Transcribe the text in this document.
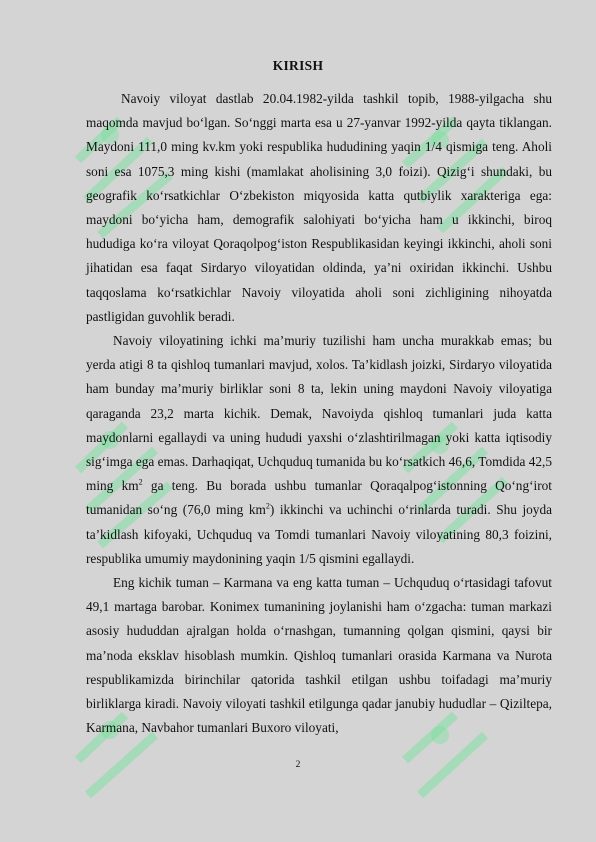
KIRISH

Navoiy viloyat dastlab 20.04.1982-yilda tashkil topib, 1988-yilgacha shu maqomda mavjud bo‘lgan. So‘nggi marta esa u 27-yanvar 1992-yilda qayta tiklangan. Maydoni 111,0 ming kv.km yoki respublika hududining yaqin 1/4 qismiga teng. Aholi soni esa 1075,3 ming kishi (mamlakat aholisining 3,0 foizi). Qizig‘i shundaki, bu geografik ko‘rsatkichlar O‘zbekiston miqyosida katta qutbiylik xarakteriga ega: maydoni bo‘yicha ham, demografik salohiyati bo‘yicha ham u ikkinchi, biroq hududiga ko‘ra viloyat Qoraqolpog‘iston Respublikasidan keyingi ikkinchi, aholi soni jihatidan esa faqat Sirdaryo viloyatidan oldinda, ya’ni oxiridan ikkinchi. Ushbu taqqoslama ko‘rsatkichlar Navoiy viloyatida aholi soni zichligining nihoyatda pastligidan guvohlik beradi.

Navoiy viloyatining ichki ma’muriy tuzilishi ham uncha murakkab emas; bu yerda atigi 8 ta qishloq tumanlari mavjud, xolos. Ta’kidlash joizki, Sirdaryo viloyatida ham bunday ma’muriy birliklar soni 8 ta, lekin uning maydoni Navoiy viloyatiga qaraganda 23,2 marta kichik. Demak, Navoiyda qishloq tumanlari juda katta maydonlarni egallaydi va uning hududi yaxshi o‘zlashtirilmagan yoki katta iqtisodiy sig‘imga ega emas. Darhaqiqat, Uchquduq tumanida bu ko‘rsatkich 46,6, Tomdida 42,5 ming $km^2$ ga teng. Bu borada ushbu tumanlar Qoraqalpog‘istonning Qo‘ng‘irot tumanidan so‘ng (76,0 ming $km^2$) ikkinchi va uchinchi o‘rinlarda turadi. Shu joyda ta’kidlash kifoyaki, Uchquduq va Tomdi tumanlari Navoiy viloyatining 80,3 foizini, respublika umumiy maydonining yaqin 1/5 qismini egallaydi.

Eng kichik tuman – Karmana va eng katta tuman – Uchquduq o‘rtasidagi tafovut 49,1 martaga barobar. Konimex tumanining joylanishi ham o‘zgacha: tuman markazi asosiy hududdan ajralgan holda o‘rnashgan, tumanning qolgan qismini, qaysi bir ma’noda eksklav hisoblash mumkin. Qishloq tumanlari orasida Karmana va Nurota respublikamizda birinchilar qatorida tashkil etilgan ushbu toifadagi ma’muriy birliklarga kiradi. Navoiy viloyati tashkil etilgunga qadar janubiy hududlar – Qiziltepa, Karmana, Navbahor tumanlari Buxoro viloyati,

2
